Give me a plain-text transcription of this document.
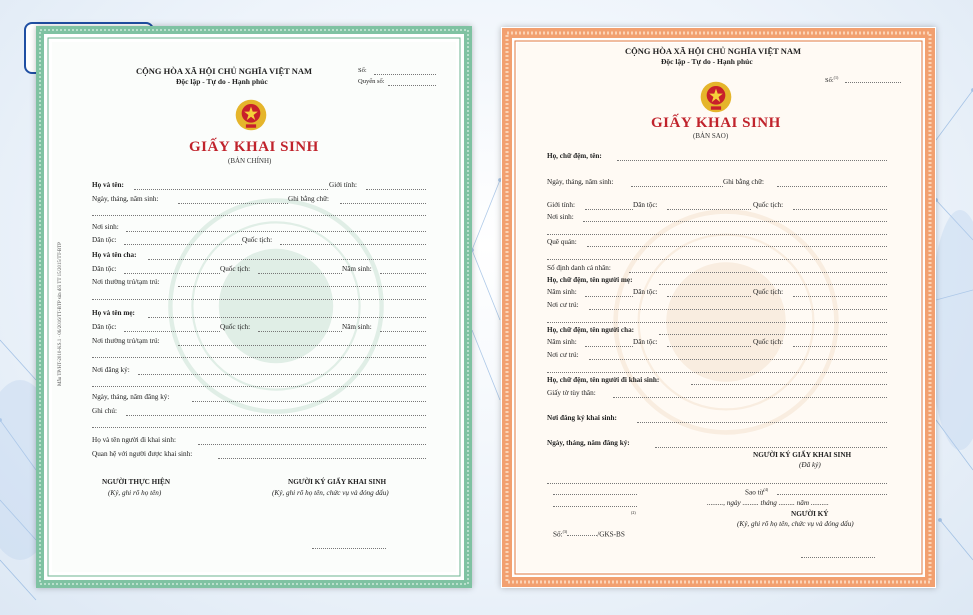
Mẫu TP/HT-2010-KS.1 · 06/2016/TT-BTP sửa đổi TT 15/2015/TT-BTP
CỘNG HÒA XÃ HỘI CHỦ NGHĨA VIỆT NAM
Độc lập - Tự do - Hạnh phúc
Số:
Quyển số:
GIẤY KHAI SINH
(BẢN CHÍNH)
Họ và tên:	Giới tính:
Ngày, tháng, năm sinh:	Ghi bằng chữ:
Nơi sinh:
Dân tộc:	Quốc tịch:
Họ và tên cha:
Dân tộc:	Quốc tịch:	Năm sinh:
Nơi thường trú/tạm trú:
Họ và tên mẹ:
Dân tộc:	Quốc tịch:	Năm sinh:
Nơi thường trú/tạm trú:
Nơi đăng ký:
Ngày, tháng, năm đăng ký:
Ghi chú:
Họ và tên người đi khai sinh:
Quan hệ với người được khai sinh:
NGƯỜI THỰC HIỆN
(Ký, ghi rõ họ tên)
NGƯỜI KÝ GIẤY KHAI SINH
(Ký, ghi rõ họ tên, chức vụ và đóng dấu)
CỘNG HÒA XÃ HỘI CHỦ NGHĨA VIỆT NAM
Độc lập - Tự do - Hạnh phúc
Số:$^{(1)}$
GIẤY KHAI SINH
(BẢN SAO)
Họ, chữ đệm, tên:
Ngày, tháng, năm sinh:	Ghi bằng chữ:
Giới tính:	Dân tộc:	Quốc tịch:
Nơi sinh:
Quê quán:
Số định danh cá nhân:
Họ, chữ đệm, tên người mẹ:
Năm sinh:	Dân tộc:	Quốc tịch:
Nơi cư trú:
Họ, chữ đệm, tên người cha:
Năm sinh:	Dân tộc:	Quốc tịch:
Nơi cư trú:
Họ, chữ đệm, tên người đi khai sinh:
Giấy tờ tùy thân:
Nơi đăng ký khai sinh:
Ngày, tháng, năm đăng ký:
NGƯỜI KÝ GIẤY KHAI SINH
(Đã ký)
Sao từ$^{(4)}$
........., ngày ......... tháng ......... năm ..........
(2)	NGƯỜI KÝ
(Ký, ghi rõ họ tên, chức vụ và đóng dấu)
Số:$^{(3)}$	/GKS-BS
